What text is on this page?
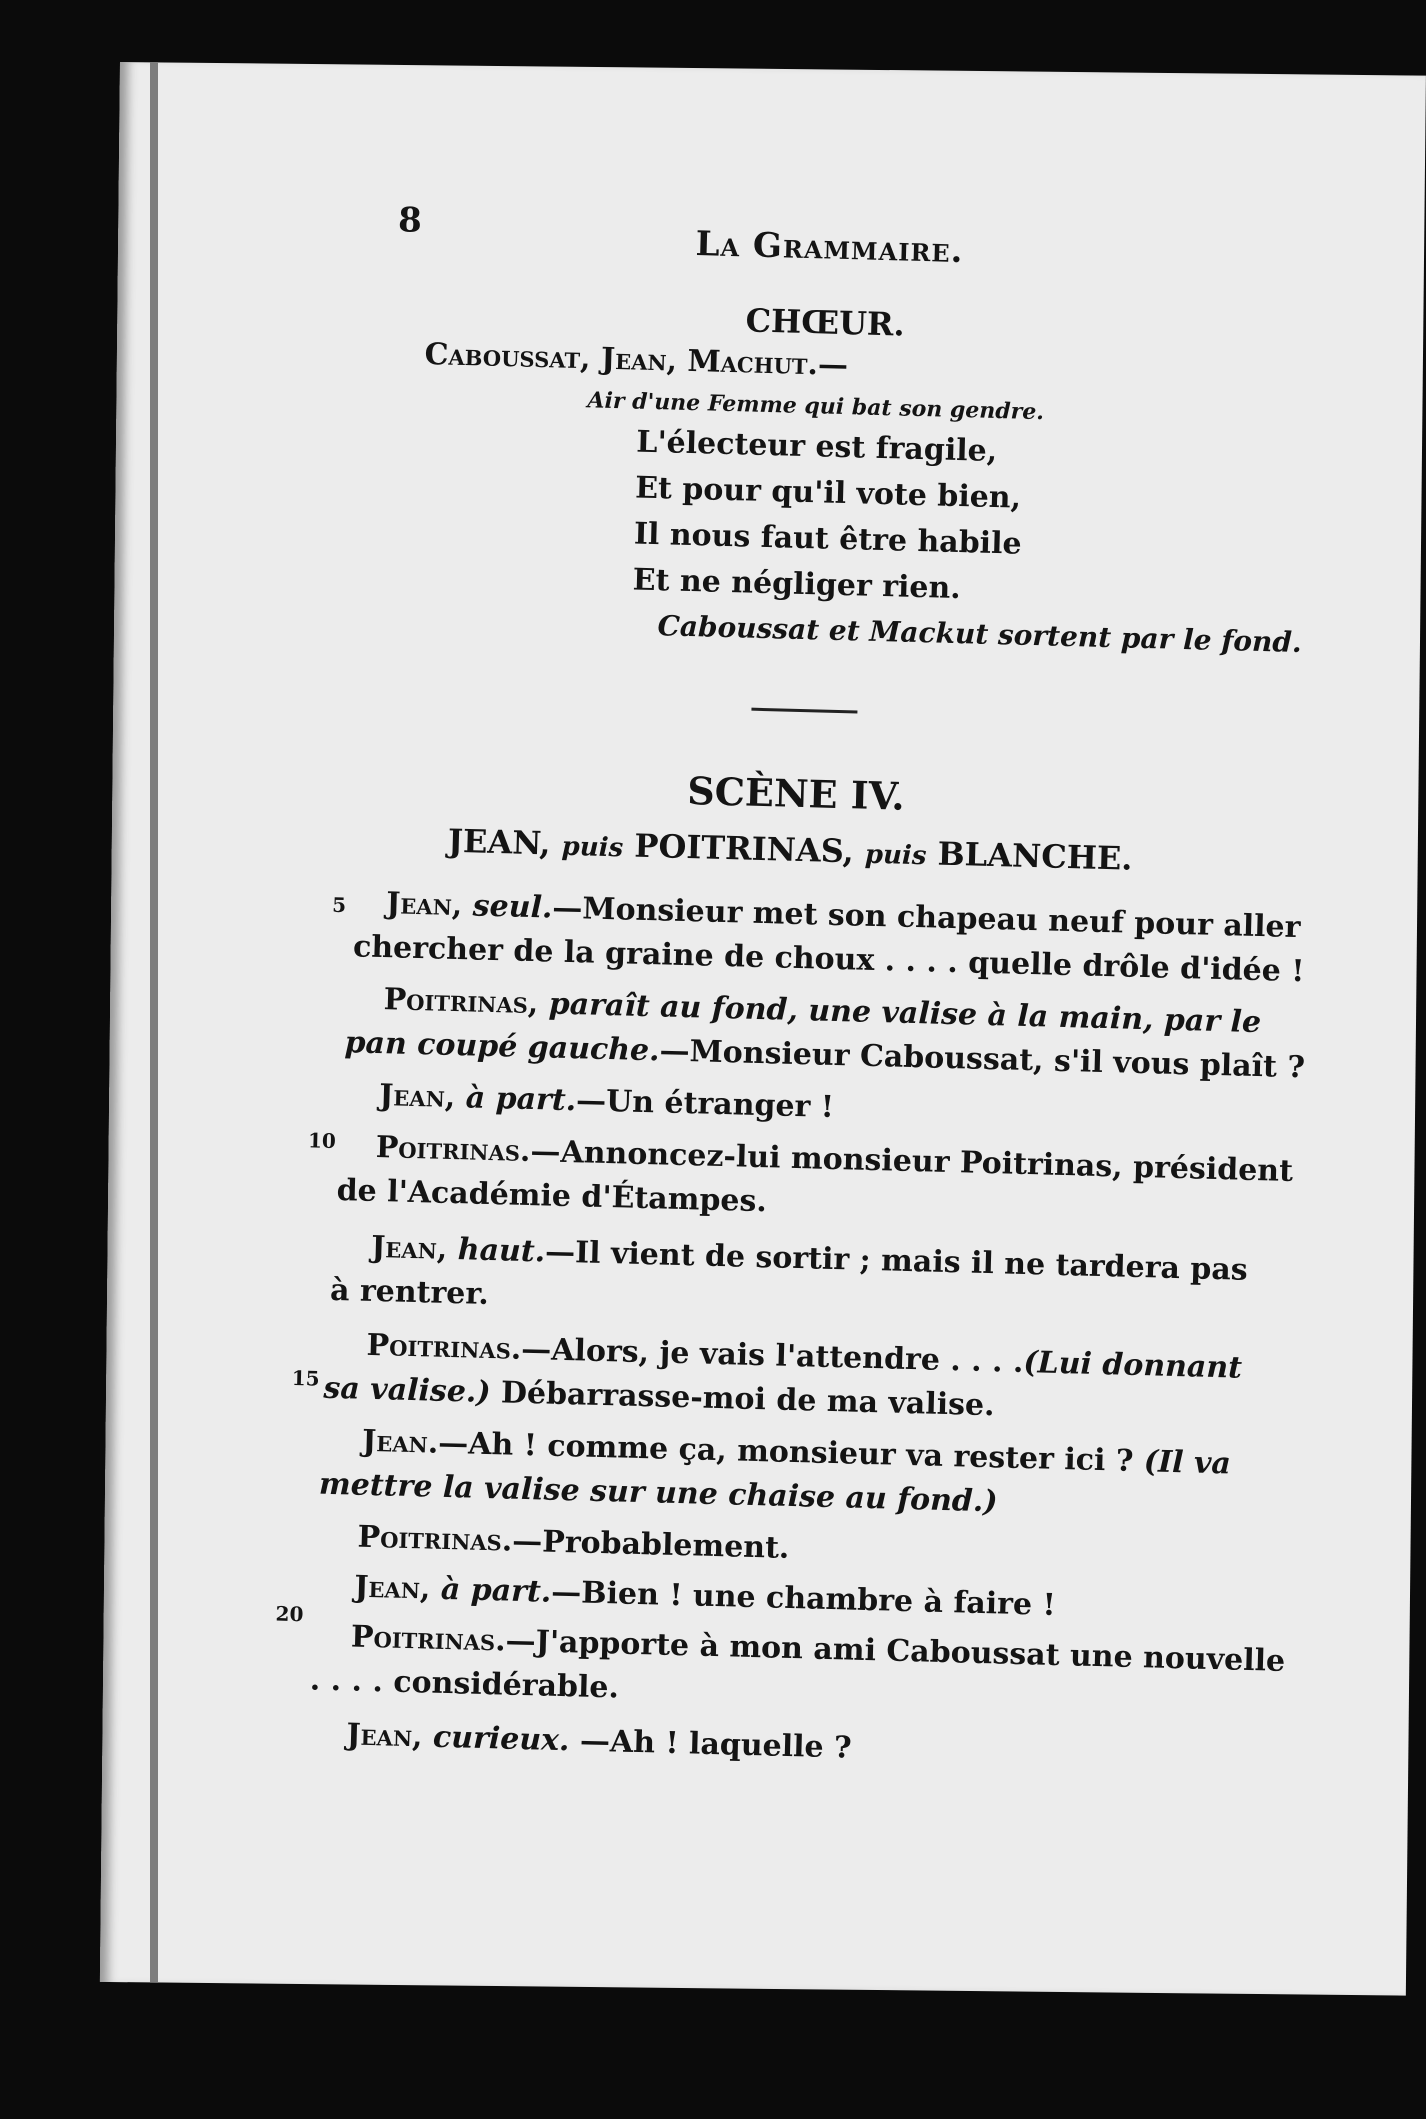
8
La Grammaire.
CHŒUR.
Caboussat, Jean, Machut.—
Air d'une Femme qui bat son gendre.
L'électeur est fragile,
Et pour qu'il vote bien,
Il nous faut être habile
Et ne négliger rien.
Caboussat et Mackut sortent par le fond.
SCÈNE IV.
JEAN, puis POITRINAS, puis BLANCHE.
5
10
15
20
Jean, seul.—Monsieur met son chapeau neuf pour aller
chercher de la graine de choux . . . . quelle drôle d'idée !
Poitrinas, paraît au fond, une valise à la main, par le
pan coupé gauche.—Monsieur Caboussat, s'il vous plaît ?
Jean, à part.—Un étranger !
Poitrinas.—Annoncez-lui monsieur Poitrinas, président
de l'Académie d'Étampes.
Jean, haut.—Il vient de sortir ; mais il ne tardera pas
à rentrer.
Poitrinas.—Alors, je vais l'attendre . . . .(Lui donnant
sa valise.) Débarrasse-moi de ma valise.
Jean.—Ah ! comme ça, monsieur va rester ici ? (Il va
mettre la valise sur une chaise au fond.)
Poitrinas.—Probablement.
Jean, à part.—Bien ! une chambre à faire !
Poitrinas.—J'apporte à mon ami Caboussat une nouvelle
. . . . considérable.
Jean, curieux. —Ah ! laquelle ?
